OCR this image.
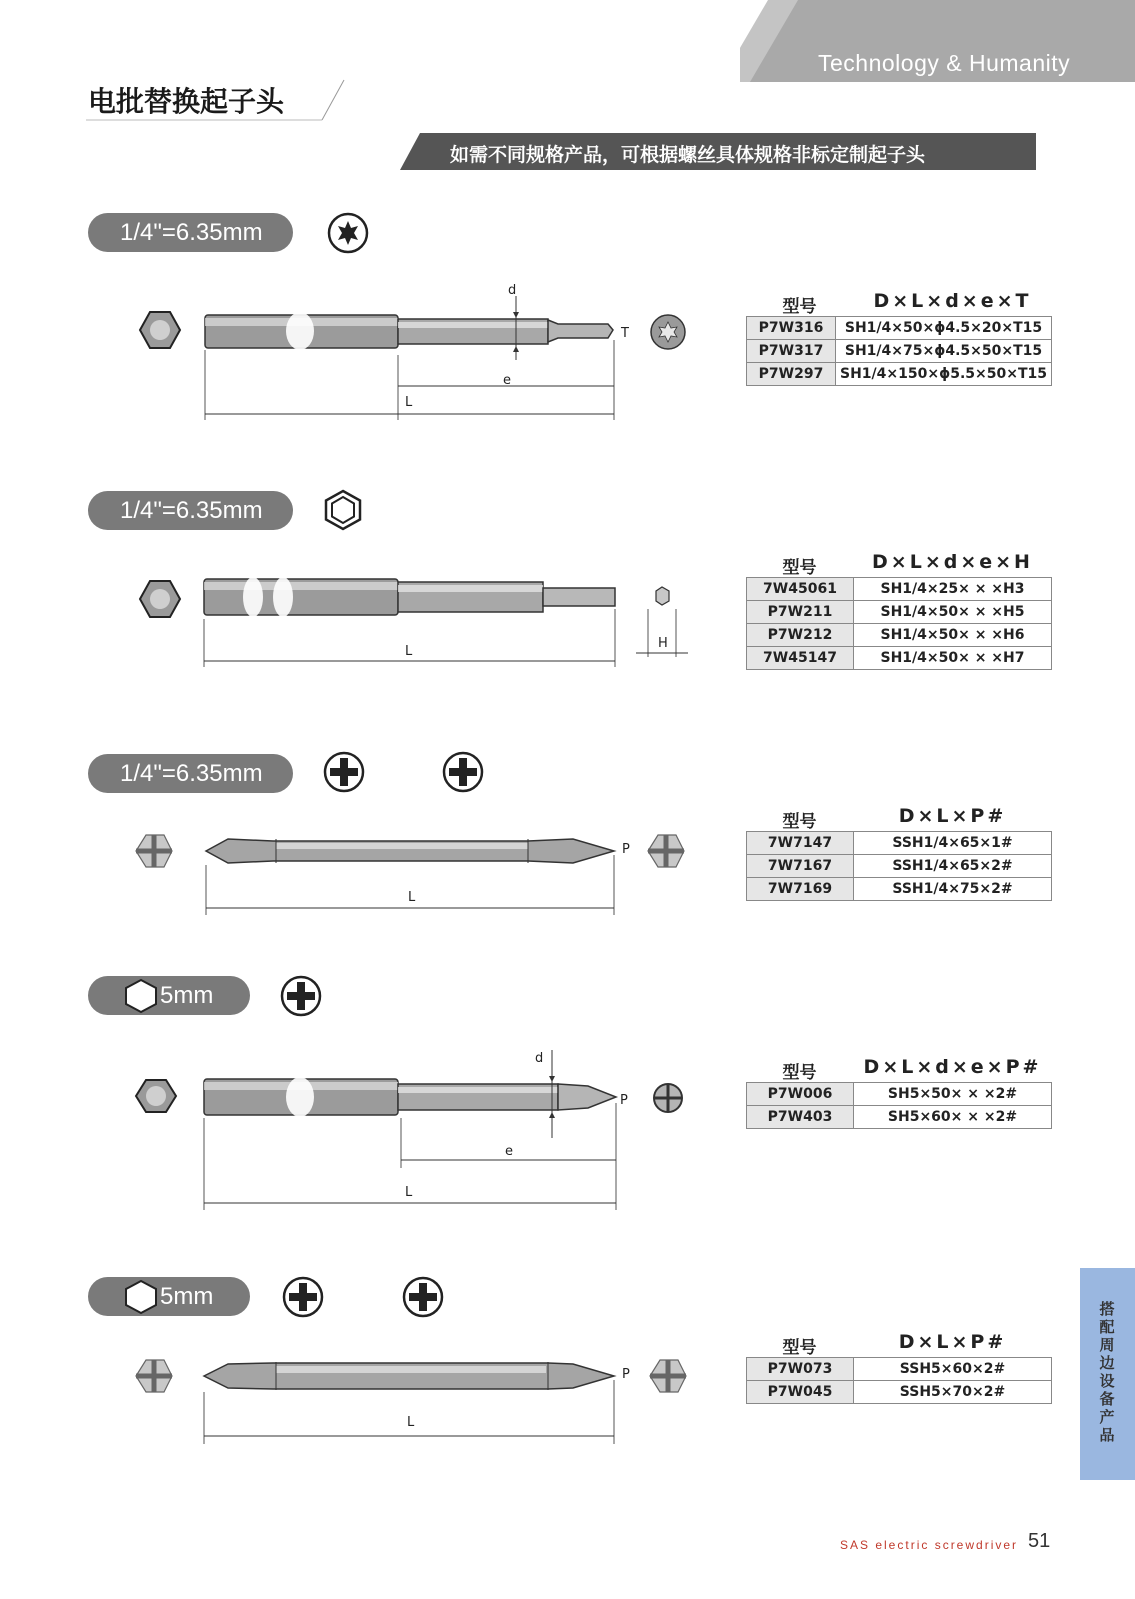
Technology & Humanity
电批替换起子头
如需不同规格产品，可根据螺丝具体规格非标定制起子头
1/4"=6.35mm
d
T
e
L
型号	D×L×d×e×T
P7W316	SH1/4×50×ϕ4.5×20×T15
P7W317	SH1/4×75×ϕ4.5×50×T15
P7W297	SH1/4×150×ϕ5.5×50×T15
1/4"=6.35mm
L
H
型号	D×L×d×e×H
7W45061	SH1/4×25× × ×H3
P7W211	SH1/4×50× × ×H5
P7W212	SH1/4×50× × ×H6
7W45147	SH1/4×50× × ×H7
1/4"=6.35mm
P
L
型号	D×L×P#
7W7147	SSH1/4×65×1#
7W7167	SSH1/4×65×2#
7W7169	SSH1/4×75×2#
5mm
d
P
e
L
型号	D×L×d×e×P#
P7W006	SH5×50× × ×2#
P7W403	SH5×60× × ×2#
5mm
P
L
型号	D×L×P#
P7W073	SSH5×60×2#
P7W045	SSH5×70×2#
搭配周边设备产品
SAS electric screwdriver 51
